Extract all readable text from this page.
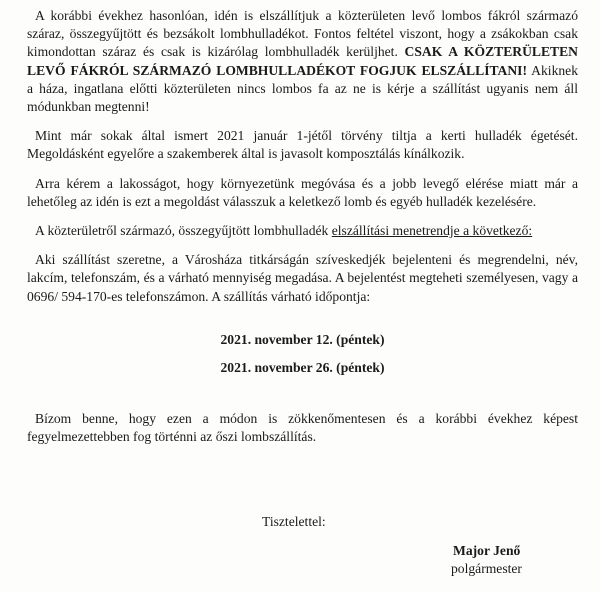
A korábbi évekhez hasonlóan, idén is elszállítjuk a közterületen levő lombos fákról származó száraz, összegyűjtött és bezsákolt lombhulladékot. Fontos feltétel viszont, hogy a zsákokban csak kimondottan száraz és csak is kizárólag lombhulladék kerüljhet. CSAK A KÖZTERÜLETEN LEVŐ FÁKRÓL SZÁRMAZÓ LOMBHULLADÉKOT FOGJUK ELSZÁLLÍTANI! Akiknek a háza, ingatlana előtti közterületen nincs lombos fa az ne is kérje a szállítást ugyanis nem áll módunkban megtenni!

Mint már sokak által ismert 2021 január 1-jétől törvény tiltja a kerti hulladék égetését. Megoldásként egyelőre a szakemberek által is javasolt komposztálás kínálkozik.

Arra kérem a lakosságot, hogy környezetünk megóvása és a jobb levegő elérése miatt már a lehetőleg az idén is ezt a megoldást válasszuk a keletkező lomb és egyéb hulladék kezelésére.

A közterületről származó, összegyűjtött lombhulladék elszállítási menetrendje a következő:

Aki szállítást szeretne, a Városháza titkárságán szíveskedjék bejelenteni és megrendelni, név, lakcím, telefonszám, és a várható mennyiség megadása. A bejelentést megteheti személyesen, vagy a 0696/ 594-170-es telefonszámon. A szállítás várható időpontja:

2021. november 12. (péntek)
2021. november 26. (péntek)

Bízom benne, hogy ezen a módon is zökkenőmentesen és a korábbi évekhez képest fegyelmezettebben fog történni az őszi lombszállítás.

Tisztelettel:

Major Jenő
polgármester
